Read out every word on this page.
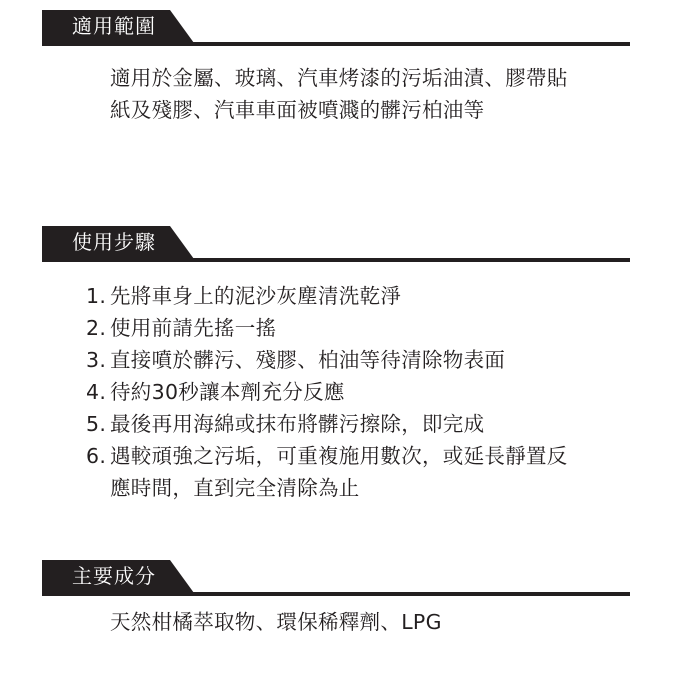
適用範圍
適用於金屬、玻璃、汽車烤漆的污垢油漬、膠帶貼
紙及殘膠、汽車車面被噴濺的髒污柏油等
使用步驟
1. 先將車身上的泥沙灰塵清洗乾淨
2. 使用前請先搖一搖
3. 直接噴於髒污、殘膠、柏油等待清除物表面
4. 待約30秒讓本劑充分反應
5. 最後再用海綿或抹布將髒污擦除，即完成
6. 遇較頑強之污垢，可重複施用數次，或延長靜置反
應時間，直到完全清除為止
主要成分
天然柑橘萃取物、環保稀釋劑、LPG
